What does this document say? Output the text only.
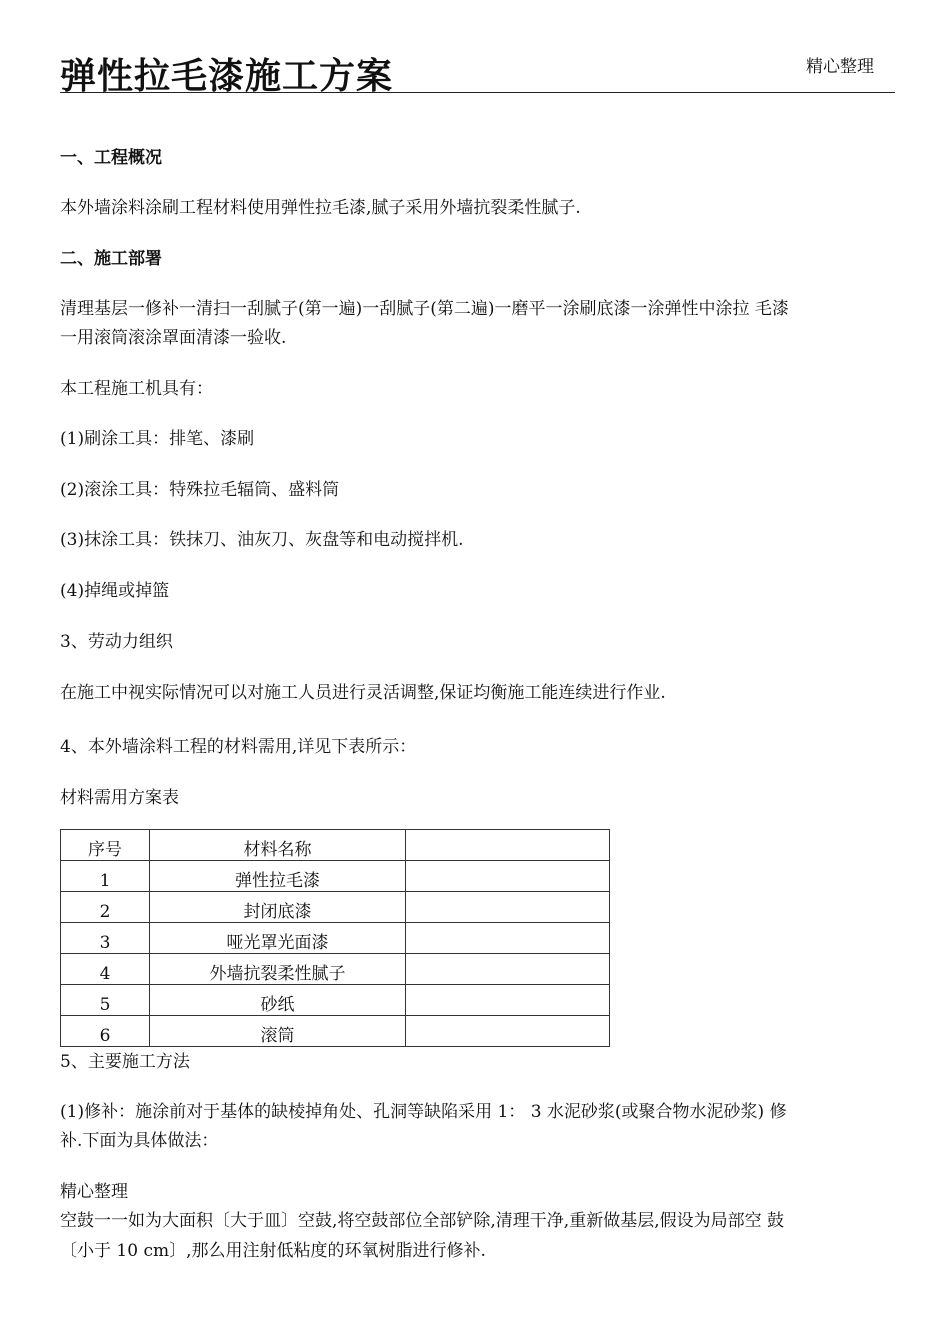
弹性拉毛漆施工方案	精心整理
一、工程概况
本外墙涂料涂刷工程材料使用弹性拉毛漆,腻子采用外墙抗裂柔性腻子.
二、施工部署
清理基层一修补一清扫一刮腻子(第一遍)一刮腻子(第二遍)一磨平一涂刷底漆一涂弹性中涂拉 毛漆
一用滚筒滚涂罩面清漆一验收.
本工程施工机具有：
(1)刷涂工具：排笔、漆刷
(2)滚涂工具：特殊拉毛辐筒、盛料筒
(3)抹涂工具：铁抹刀、油灰刀、灰盘等和电动搅拌机.
(4)掉绳或掉篮
3、劳动力组织
在施工中视实际情况可以对施工人员进行灵活调整,保证均衡施工能连续进行作业.
4、本外墙涂料工程的材料需用,详见下表所示：
材料需用方案表
序号	材料名称	
1	弹性拉毛漆	
2	封闭底漆	
3	哑光罩光面漆	
4	外墙抗裂柔性腻子	
5	砂纸	
6	滚筒	
5、主要施工方法
(1)修补：施涂前对于基体的缺棱掉角处、孔洞等缺陷采用 1： 3 水泥砂浆(或聚合物水泥砂浆) 修
补.下面为具体做法：
精心整理
空鼓一一如为大面积〔大于皿〕空鼓,将空鼓部位全部铲除,清理干净,重新做基层,假设为局部空 鼓
〔小于 10 cm〕,那么用注射低粘度的环氧树脂进行修补.
